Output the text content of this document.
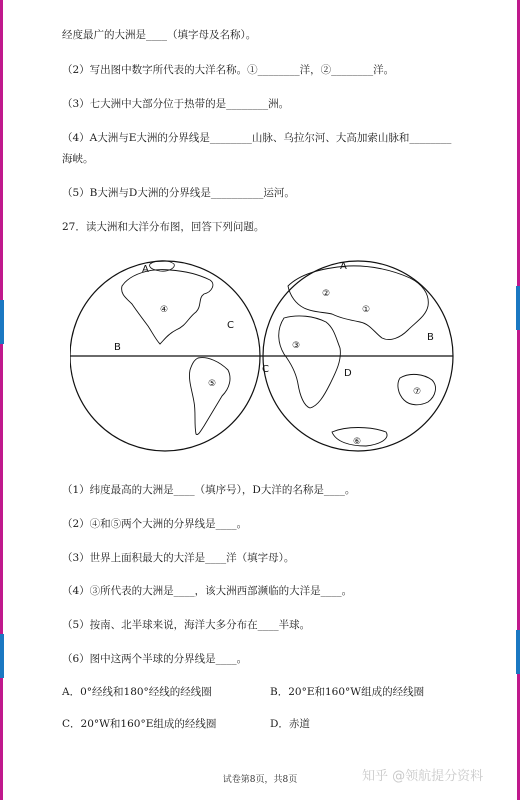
经度最广的大洲是____（填字母及名称）。
（2）写出图中数字所代表的大洋名称。①________洋，②________洋。
（3）七大洲中大部分位于热带的是________洲。
（4）A大洲与E大洲的分界线是________山脉、乌拉尔河、大高加索山脉和________
海峡。
（5）B大洲与D大洲的分界线是__________运河。
27．读大洲和大洋分布图，回答下列问题。
A
C
B
④
⑤
A
②
①
③
B
C	D
⑦
⑥
（1）纬度最高的大洲是____（填序号），D大洋的名称是____。
（2）④和⑤两个大洲的分界线是____。
（3）世界上面积最大的大洋是____洋（填字母）。
（4）③所代表的大洲是____，该大洲西部濒临的大洋是____。
（5）按南、北半球来说，海洋大多分布在____半球。
（6）图中这两个半球的分界线是____。
A．0°经线和180°经线的经线圈	B．20°E和160°W组成的经线圈
C．20°W和160°E组成的经线圈	D．赤道
试卷第8页，共8页	知乎 @领航提分资料
